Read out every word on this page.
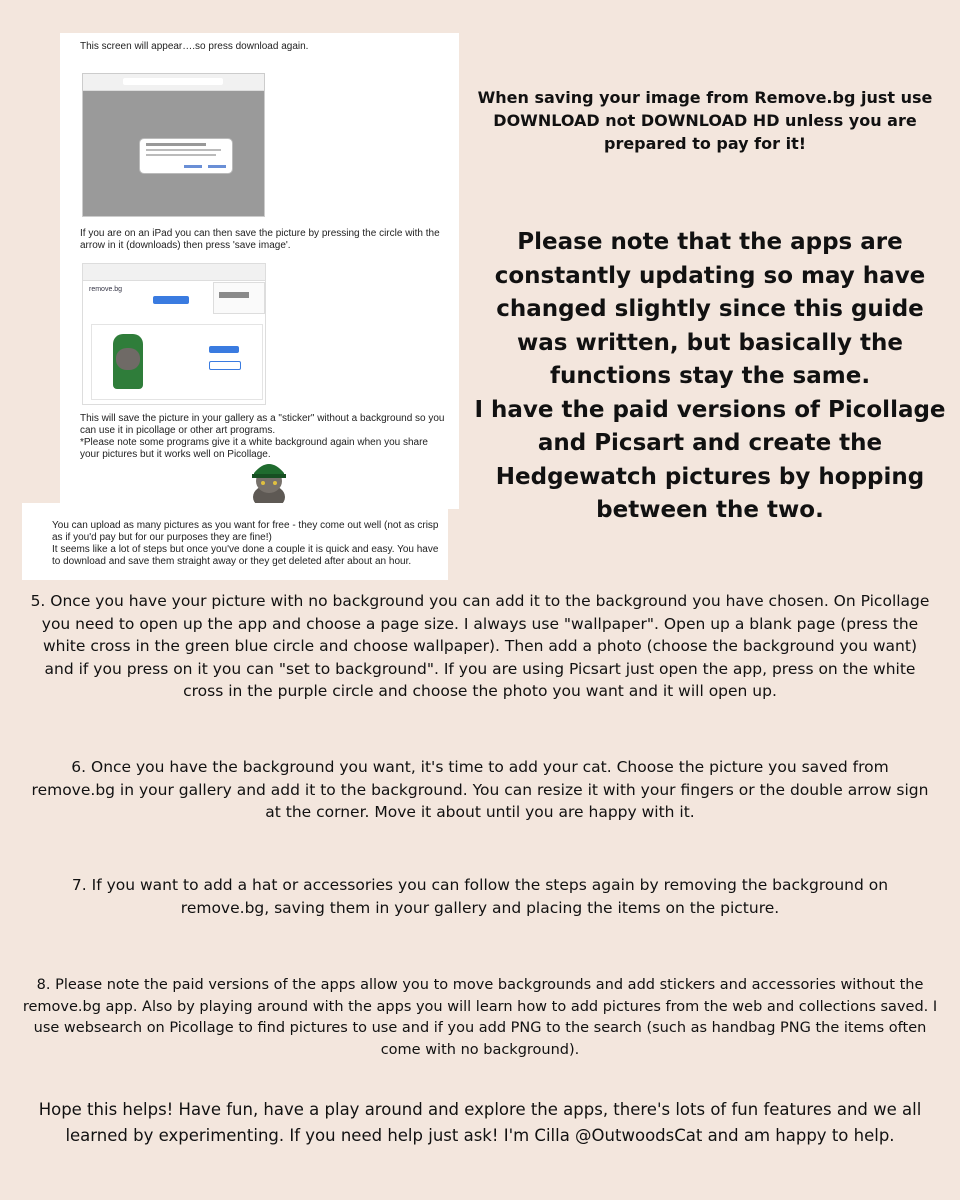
This screen will appear….so press download again.
If you are on an iPad you can then save the picture by pressing the circle with the arrow in it (downloads) then press 'save image'.
remove.bg
This will save the picture in your gallery as a "sticker" without a background so you can use it in picollage or other art programs.
*Please note some programs give it a white background again when you share your pictures but it works well on Picollage.
You can upload as many pictures as you want for free - they come out well (not as crisp as if you'd pay but for our purposes they are fine!)
It seems like a lot of steps but once you've done a couple it is quick and easy. You have to download and save them straight away or they get deleted after about an hour.
When saving your image from Remove.bg just use DOWNLOAD not DOWNLOAD HD unless you are prepared to pay for it!
Please note that the apps are constantly updating so may have changed slightly since this guide was written, but basically the functions stay the same.
I have the paid versions of Picollage and Picsart and create the Hedgewatch pictures by hopping between the two.
5. Once you have your picture with no background you can add it to the background you have chosen. On Picollage you need to open up the app and choose a page size. I always use "wallpaper". Open up a blank page (press the white cross in the green blue circle and choose wallpaper). Then add a photo (choose the background you want) and if you press on it you can "set to background". If you are using Picsart just open the app, press on the white cross in the purple circle and choose the photo you want and it will open up.
6. Once you have the background you want, it's time to add your cat. Choose the picture you saved from remove.bg in your gallery and add it to the background. You can resize it with your fingers or the double arrow sign at the corner. Move it about until you are happy with it.
7. If you want to add a hat or accessories you can follow the steps again by removing the background on remove.bg, saving them in your gallery and placing the items on the picture.
8. Please note the paid versions of the apps allow you to move backgrounds and add stickers and accessories without the remove.bg app. Also by playing around with the apps you will learn how to add pictures from the web and collections saved. I use websearch on Picollage to find pictures to use and if you add PNG to the search (such as handbag PNG the items often come with no background).
Hope this helps! Have fun, have a play around and explore the apps, there's lots of fun features and we all learned by experimenting. If you need help just ask! I'm Cilla @OutwoodsCat and am happy to help.
